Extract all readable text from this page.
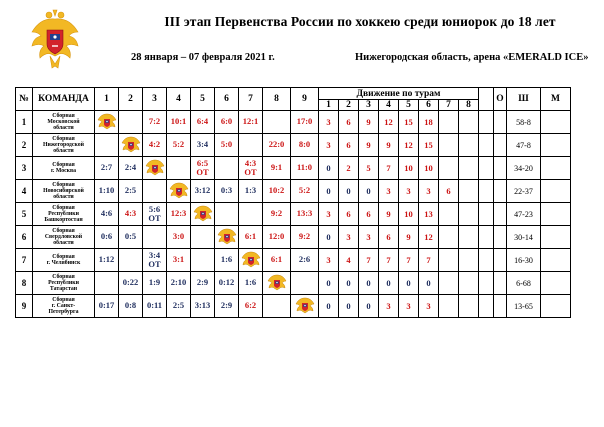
III этап Первенства России по хоккею среди юниорок до 18 лет
28 января – 07 февраля 2021 г.	Нижегородская область, арена «EMERALD ICE»
№	КОМАНДА	1	2	3	4	5	6	7	8	9	Движение по турам									О	Ш	М
											1	2	3	4	5	6	7	8				
1	Сборная
Московской
области			7:2	10:1	6:4	6:0	12:1		17:0	3	6	9	12	15	18					58-8	
2	Сборная
Нижегородской
области			4:2	5:2	3:4	5:0		22:0	8:0	3	6	9	9	12	15					47-8	
3	Сборная
г. Москва	2:7	2:4			6:5
ОТ		4:3
ОТ	9:1	11:0	0	2	5	7	10	10					34-20	
4	Сборная
Новосибирской
области	1:10	2:5			3:12	0:3	1:3	10:2	5:2	0	0	0	3	3	3	6				22-37	
5	Сборная
Республики
Башкортостан	4:6	4:3	5:6
ОТ	12:3				9:2	13:3	3	6	6	9	10	13					47-23	
6	Сборная
Свердловской
области	0:6	0:5		3:0			6:1	12:0	9:2	0	3	3	6	9	12					30-14	
7	Сборная
г. Челябинск	1:12		3:4
ОТ	3:1		1:6		6:1	2:6	3	4	7	7	7	7					16-30	
8	Сборная
Республики
Татарстан		0:22	1:9	2:10	2:9	0:12	1:6			0	0	0	0	0	0					6-68	
9	Сборная
г. Санкт-
Петербурга	0:17	0:8	0:11	2:5	3:13	2:9	6:2			0	0	0	3	3	3					13-65	
